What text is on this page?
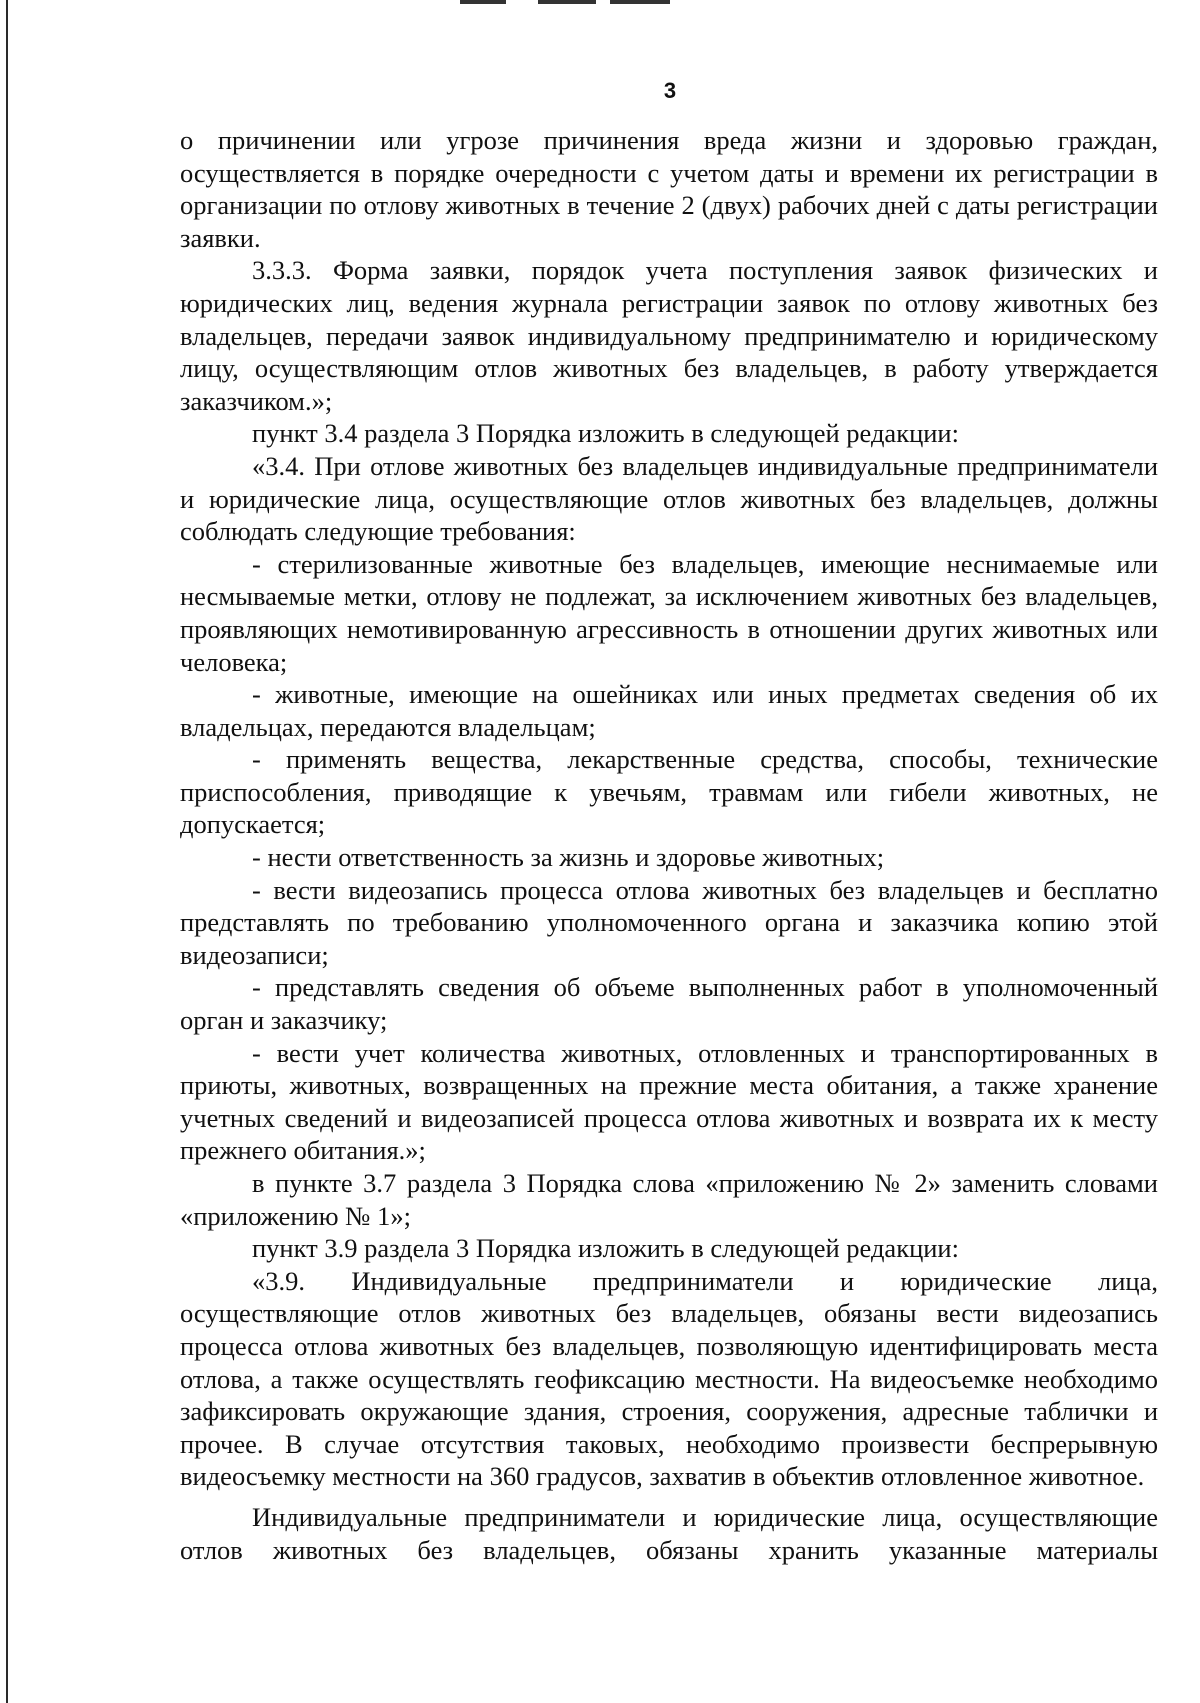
3

о причинении или угрозе причинения вреда жизни и здоровью граждан, осуществляется в порядке очередности с учетом даты и времени их регистрации в организации по отлову животных в течение 2 (двух) рабочих дней с даты регистрации заявки.

3.3.3. Форма заявки, порядок учета поступления заявок физических и юридических лиц, ведения журнала регистрации заявок по отлову животных без владельцев, передачи заявок индивидуальному предпринимателю и юридическому лицу, осуществляющим отлов животных без владельцев, в работу утверждается заказчиком.»;

пункт 3.4 раздела 3 Порядка изложить в следующей редакции:

«3.4. При отлове животных без владельцев индивидуальные предприниматели и юридические лица, осуществляющие отлов животных без владельцев, должны соблюдать следующие требования:

- стерилизованные животные без владельцев, имеющие неснимаемые или несмываемые метки, отлову не подлежат, за исключением животных без владельцев, проявляющих немотивированную агрессивность в отношении других животных или человека;

- животные, имеющие на ошейниках или иных предметах сведения об их владельцах, передаются владельцам;

- применять вещества, лекарственные средства, способы, технические приспособления, приводящие к увечьям, травмам или гибели животных, не допускается;

- нести ответственность за жизнь и здоровье животных;

- вести видеозапись процесса отлова животных без владельцев и бесплатно представлять по требованию уполномоченного органа и заказчика копию этой видеозаписи;

- представлять сведения об объеме выполненных работ в уполномоченный орган и заказчику;

- вести учет количества животных, отловленных и транспортированных в приюты, животных, возвращенных на прежние места обитания, а также хранение учетных сведений и видеозаписей процесса отлова животных и возврата их к месту прежнего обитания.»;

в пункте 3.7 раздела 3 Порядка слова «приложению № 2» заменить словами «приложению № 1»;

пункт 3.9 раздела 3 Порядка изложить в следующей редакции:

«3.9. Индивидуальные предприниматели и юридические лица, осуществляющие отлов животных без владельцев, обязаны вести видеозапись процесса отлова животных без владельцев, позволяющую идентифицировать места отлова, а также осуществлять геофиксацию местности. На видеосъемке необходимо зафиксировать окружающие здания, строения, сооружения, адресные таблички и прочее. В случае отсутствия таковых, необходимо произвести беспрерывную видеосъемку местности на 360 градусов, захватив в объектив отловленное животное.

Индивидуальные предприниматели и юридические лица, осуществляющие отлов животных без владельцев, обязаны хранить указанные материалы
